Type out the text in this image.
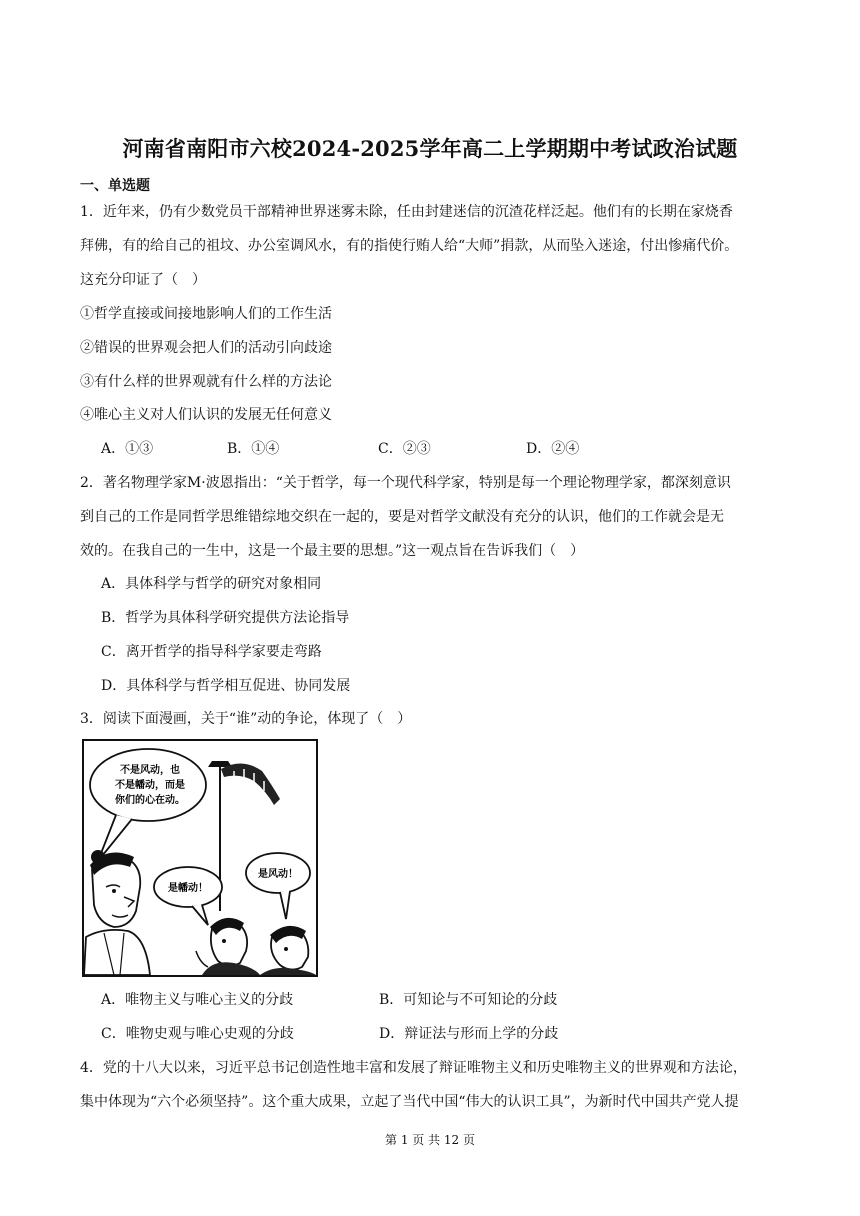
河南省南阳市六校2024-2025学年高二上学期期中考试政治试题
一、单选题
1．近年来，仍有少数党员干部精神世界迷雾未除，任由封建迷信的沉渣花样泛起。他们有的长期在家烧香
拜佛，有的给自己的祖坟、办公室调风水，有的指使行贿人给“大师”捐款，从而坠入迷途，付出惨痛代价。
这充分印证了（　）
①哲学直接或间接地影响人们的工作生活
②错误的世界观会把人们的活动引向歧途
③有什么样的世界观就有什么样的方法论
④唯心主义对人们认识的发展无任何意义
A．①③	B．①④	C．②③	D．②④
2．著名物理学家M·波恩指出：“关于哲学，每一个现代科学家，特别是每一个理论物理学家，都深刻意识
到自己的工作是同哲学思维错综地交织在一起的，要是对哲学文献没有充分的认识，他们的工作就会是无
效的。在我自己的一生中，这是一个最主要的思想。”这一观点旨在告诉我们（　）
A．具体科学与哲学的研究对象相同
B．哲学为具体科学研究提供方法论指导
C．离开哲学的指导科学家要走弯路
D．具体科学与哲学相互促进、协同发展
3．阅读下面漫画，关于“谁”动的争论，体现了（　）
不是风动，也
不是幡动，而是
你们的心在动。
是幡动！
是风动！
A．唯物主义与唯心主义的分歧	B．可知论与不可知论的分歧
C．唯物史观与唯心史观的分歧	D．辩证法与形而上学的分歧
4．党的十八大以来，习近平总书记创造性地丰富和发展了辩证唯物主义和历史唯物主义的世界观和方法论，
集中体现为“六个必须坚持”。这个重大成果，立起了当代中国“伟大的认识工具”，为新时代中国共产党人提
第 1 页 共 12 页
